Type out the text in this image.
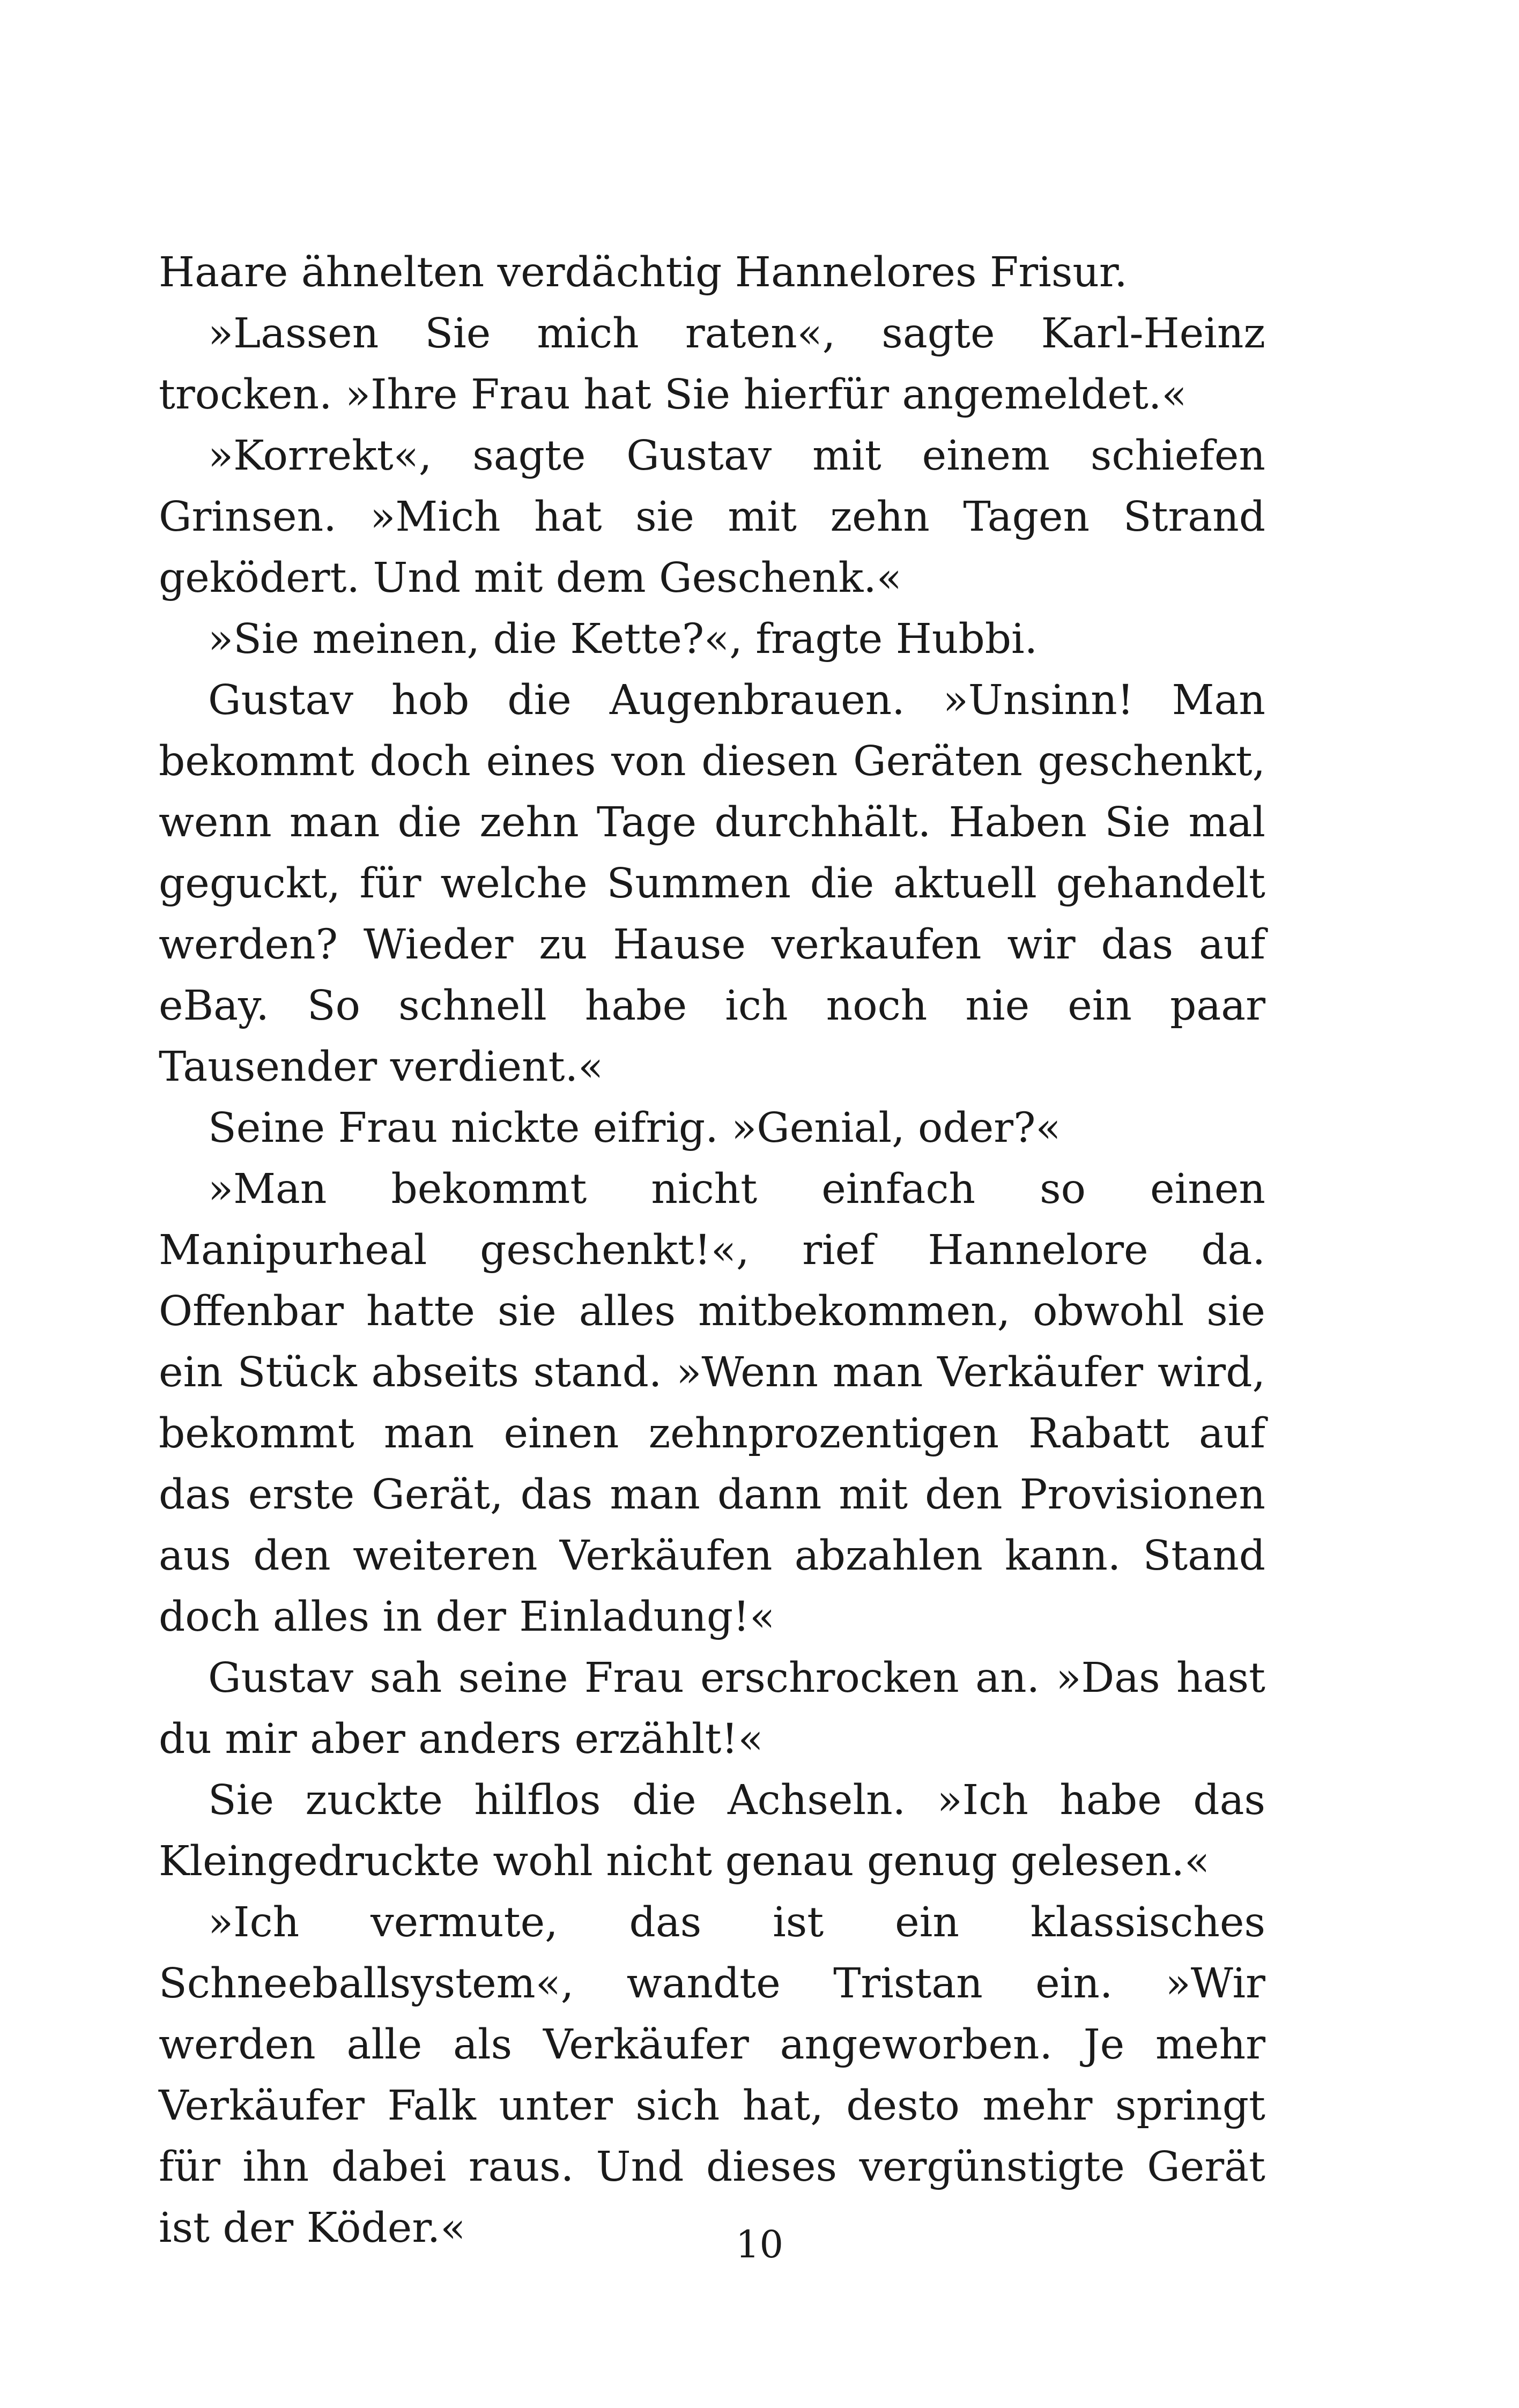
Haare ähnelten verdächtig Hannelores Frisur.

»Lassen Sie mich raten«, sagte Karl-Heinz trocken. »Ihre Frau hat Sie hierfür angemeldet.«

»Korrekt«, sagte Gustav mit einem schiefen Grinsen. »Mich hat sie mit zehn Tagen Strand geködert. Und mit dem Geschenk.«

»Sie meinen, die Kette?«, fragte Hubbi.

Gustav hob die Augenbrauen. »Unsinn! Man bekommt doch eines von diesen Geräten geschenkt, wenn man die zehn Tage durchhält. Haben Sie mal geguckt, für welche Summen die aktuell gehandelt werden? Wieder zu Hause verkaufen wir das auf eBay. So schnell habe ich noch nie ein paar Tausender verdient.«

Seine Frau nickte eifrig. »Genial, oder?«

»Man bekommt nicht einfach so einen Manipurheal geschenkt!«, rief Hannelore da. Offenbar hatte sie alles mitbekommen, obwohl sie ein Stück abseits stand. »Wenn man Verkäufer wird, bekommt man einen zehnprozentigen Rabatt auf das erste Gerät, das man dann mit den Provisionen aus den weiteren Verkäufen abzahlen kann. Stand doch alles in der Einladung!«

Gustav sah seine Frau erschrocken an. »Das hast du mir aber anders erzählt!«

Sie zuckte hilflos die Achseln. »Ich habe das Kleingedruckte wohl nicht genau genug gelesen.«

»Ich vermute, das ist ein klassisches Schneeballsystem«, wandte Tristan ein. »Wir werden alle als Verkäufer angeworben. Je mehr Verkäufer Falk unter sich hat, desto mehr springt für ihn dabei raus. Und dieses vergünstigte Gerät ist der Köder.«	10
